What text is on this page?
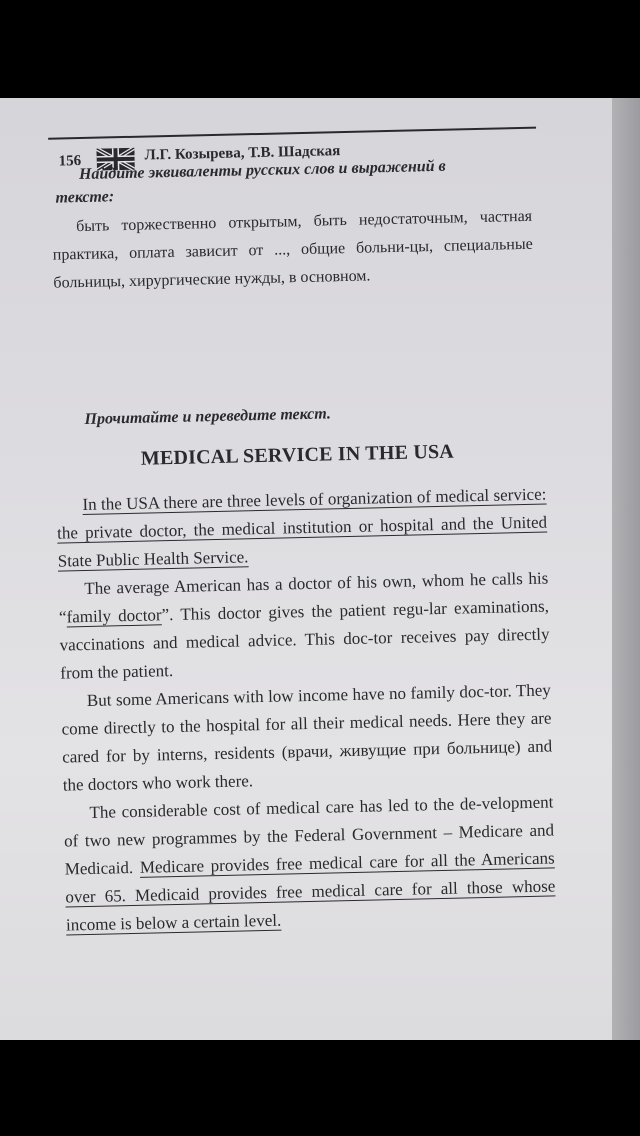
156	Л.Г. Козырева, Т.В. Шадская
Найдите эквиваленты русских слов и выражений в
тексте:
быть торжественно открытым, быть недостаточным, частная практика, оплата зависит от ..., общие больни-цы, специальные больницы, хирургические нужды, в основном.
Прочитайте и переведите текст.
MEDICAL SERVICE IN THE USA

In the USA there are three levels of organization of medical service: the private doctor, the medical institution or hospital and the United State Public Health Service.

The average American has a doctor of his own, whom he calls his “family doctor”. This doctor gives the patient regu-lar examinations, vaccinations and medical advice. This doc-tor receives pay directly from the patient.

But some Americans with low income have no family doc-tor. They come directly to the hospital for all their medical needs. Here they are cared for by interns, residents (врачи, живущие при больнице) and the doctors who work there.

The considerable cost of medical care has led to the de-velopment of two new programmes by the Federal Government – Medicare and Medicaid. Medicare provides free medical care for all the Americans over 65. Medicaid provides free medical care for all those whose income is below a certain level.
